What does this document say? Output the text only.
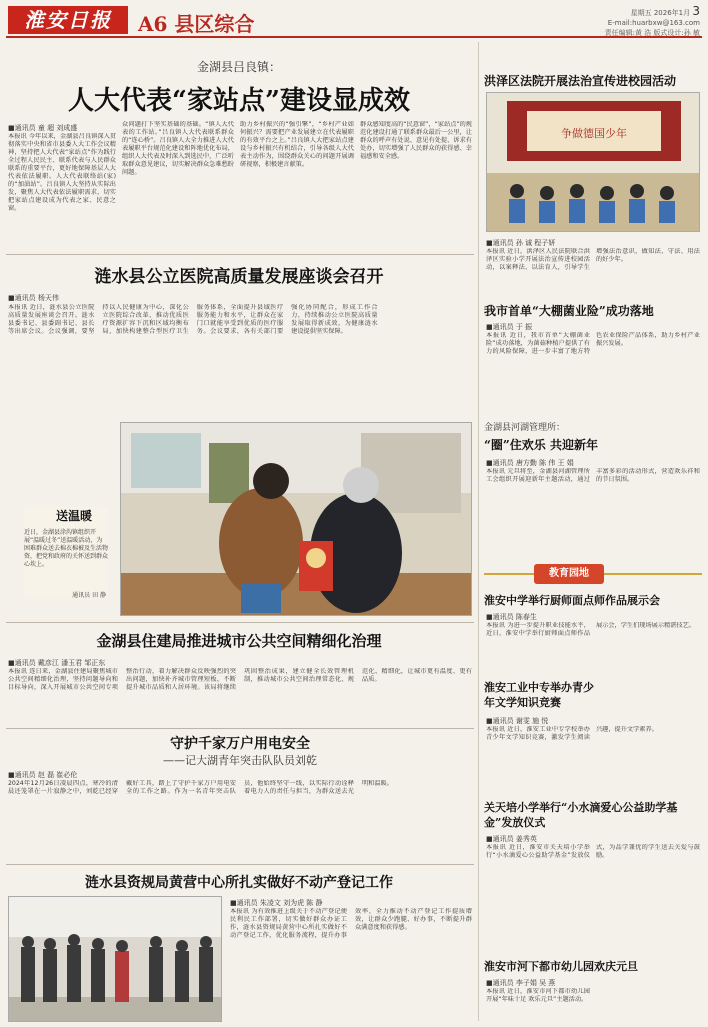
淮安日报	A6 县区综合	星期五 2026年1月 3
E-mail:huarbxw@163.com
责任编辑:黄 浩 版式设计:孙 敏
金湖县吕良镇：
人大代表“家站点”建设显成效
■通讯员 童 超 刘成盛
本报讯 今年以来，金湖县吕良镇深入贯彻落实中央和省市县委人大工作会议精神，坚持把人大代表“家站点”作为践行全过程人民民主、联系代表与人民群众联系的重要平台，更好地保障基层人大代表依法履职。人大代表联络站(家)的“加油站”。吕良镇人大坚持从实际出发，聚焦人大代表依法履职需求，切实把家站点建设成为代表之家、民意之窗。
众问题打下坚实基础的基础。“镇人大代表的工作站。”吕良镇人大代表联系群众的“连心桥”。吕良镇人大全力推进人大代表履职平台规范化建设和阵地优化布局，组织人大代表及时深入到选民中，广泛听取群众意见建议，切实解决群众急难愁盼问题。
助力乡村振兴的“强引擎”，“乡村产业如何振兴？需要把产业发展建立在代表履职的有效平台之上。”吕良镇人大把家站点建设与乡村振兴有机结合，引导各级人大代表主动作为，围绕群众关心的问题开展调研视察，积极建言献策。
群众感知度高的“民意窗”，“家站点”的规范化建设打通了联系群众最后一公里，让群众的呼声有处说、意见有处提、诉求有处办，切实增强了人民群众的获得感、幸福感和安全感。
涟水县公立医院高质量发展座谈会召开
■通讯员 杨天伟
本报讯 近日，涟水县公立医院高质量发展座谈会召开。涟水县委书记、县委副书记、县长等出席会议。会议强调，要坚持以人民健康为中心，深化公立医院综合改革，推动优质医疗资源扩容下沉和区域均衡布局，加快构建整合型医疗卫生服务体系，全面提升县域医疗服务能力和水平，让群众在家门口就能享受到优质的医疗服务。会议要求，各有关部门要强化协同配合，形成工作合力，持续推动公立医院高质量发展取得新成效，为健康涟水建设提供坚实保障。
送温暖
近日，金湖县涂沟镇组织开展“温暖过冬”送温暖活动，为困难群众送去棉衣棉被及生活物资，把党和政府的关怀送到群众心坎上。
通讯员 田 静
金湖县住建局推进城市公共空间精细化治理
■通讯员 戴彦江 潘玉君 邹正东
本报讯 连日来，金湖县住建局聚焦城市公共空间精细化治理，坚持问题导向和目标导向，深入开展城市公共空间专项整治行动，着力解决群众反映强烈的突出问题，加快补齐城市管理短板，不断提升城市品质和人居环境。该局将继续巩固整治成果，建立健全长效管理机制，推动城市公共空间治理常态化、规范化、精细化，让城市更有温度、更有品质。
守护千家万户用电安全
——记大湖青年突击队队员刘乾
■通讯员 赵 磊 崔必伦
2024年12月26日凌晨四点，寒冷的清晨还笼罩在一片寂静之中，刘乾已经穿戴好工具，踏上了守护千家万户用电安全的工作之路。作为一名青年突击队员，他始终坚守一线，以实际行动诠释着电力人的责任与担当，为群众送去光明和温暖。
涟水县资规局黄营中心所扎实做好不动产登记工作
■通讯员 朱凌文 刘为虎 陈 静
本报讯 为有效推进上级关于不动产登记便民利民工作部署，切实做好群众办证工作，涟水县资规局黄营中心所扎实做好不动产登记工作，优化服务流程，提升办事效率，全力推动不动产登记工作提质增效，让群众少跑腿、好办事，不断提升群众满意度和获得感。
洪泽区法院开展法治宣传进校园活动
争做德国少年
■通讯员 孙 诚 程子妍
本报讯 近日，洪泽区人民法院联合洪泽区实验小学开展法治宣传进校园活动，以案释法、以法育人，引导学生增强法治意识，做知法、守法、用法的好少年。
我市首单“大棚菌业险”成功落地
■通讯员 于 振
本报讯 近日，我市首单“大棚菌业险”成功落地，为菌菇种植户提供了有力的风险保障，进一步丰富了地方特色农业保险产品体系，助力乡村产业振兴发展。
金湖县河湖管理所：
“圈”住欢乐 共迎新年
■通讯员 唐方勤 陈 伟 王 娟
本报讯 元旦将至，金湖县河湖管理所工会组织开展迎新年主题活动，通过丰富多彩的活动形式，营造欢乐祥和的节日氛围。
教育园地
淮安中学举行厨师面点师作品展示会
■通讯员 陈春生
本报讯 为进一步提升职业技能水平，近日，淮安中学举行厨师面点师作品展示会，学生们现场展示精湛技艺。
淮安工业中专举办青少年文学知识竞赛
■通讯员 谢雯 施 悦
本报讯 近日，淮安工业中专学校举办青少年文学知识竞赛，激发学生阅读兴趣，提升文学素养。
关天培小学举行“小水滴爱心公益助学基金”发放仪式
■通讯员 姜秀英
本报讯 近日，淮安市关天培小学举行“小水滴爱心公益助学基金”发放仪式，为品学兼优的学生送去关爱与鼓励。
淮安市河下都市幼儿园欢庆元旦
■通讯员 李子娟 吴 燕
本报讯 近日，淮安市河下都市幼儿园开展“年味十足 欢乐元旦”主题活动。
